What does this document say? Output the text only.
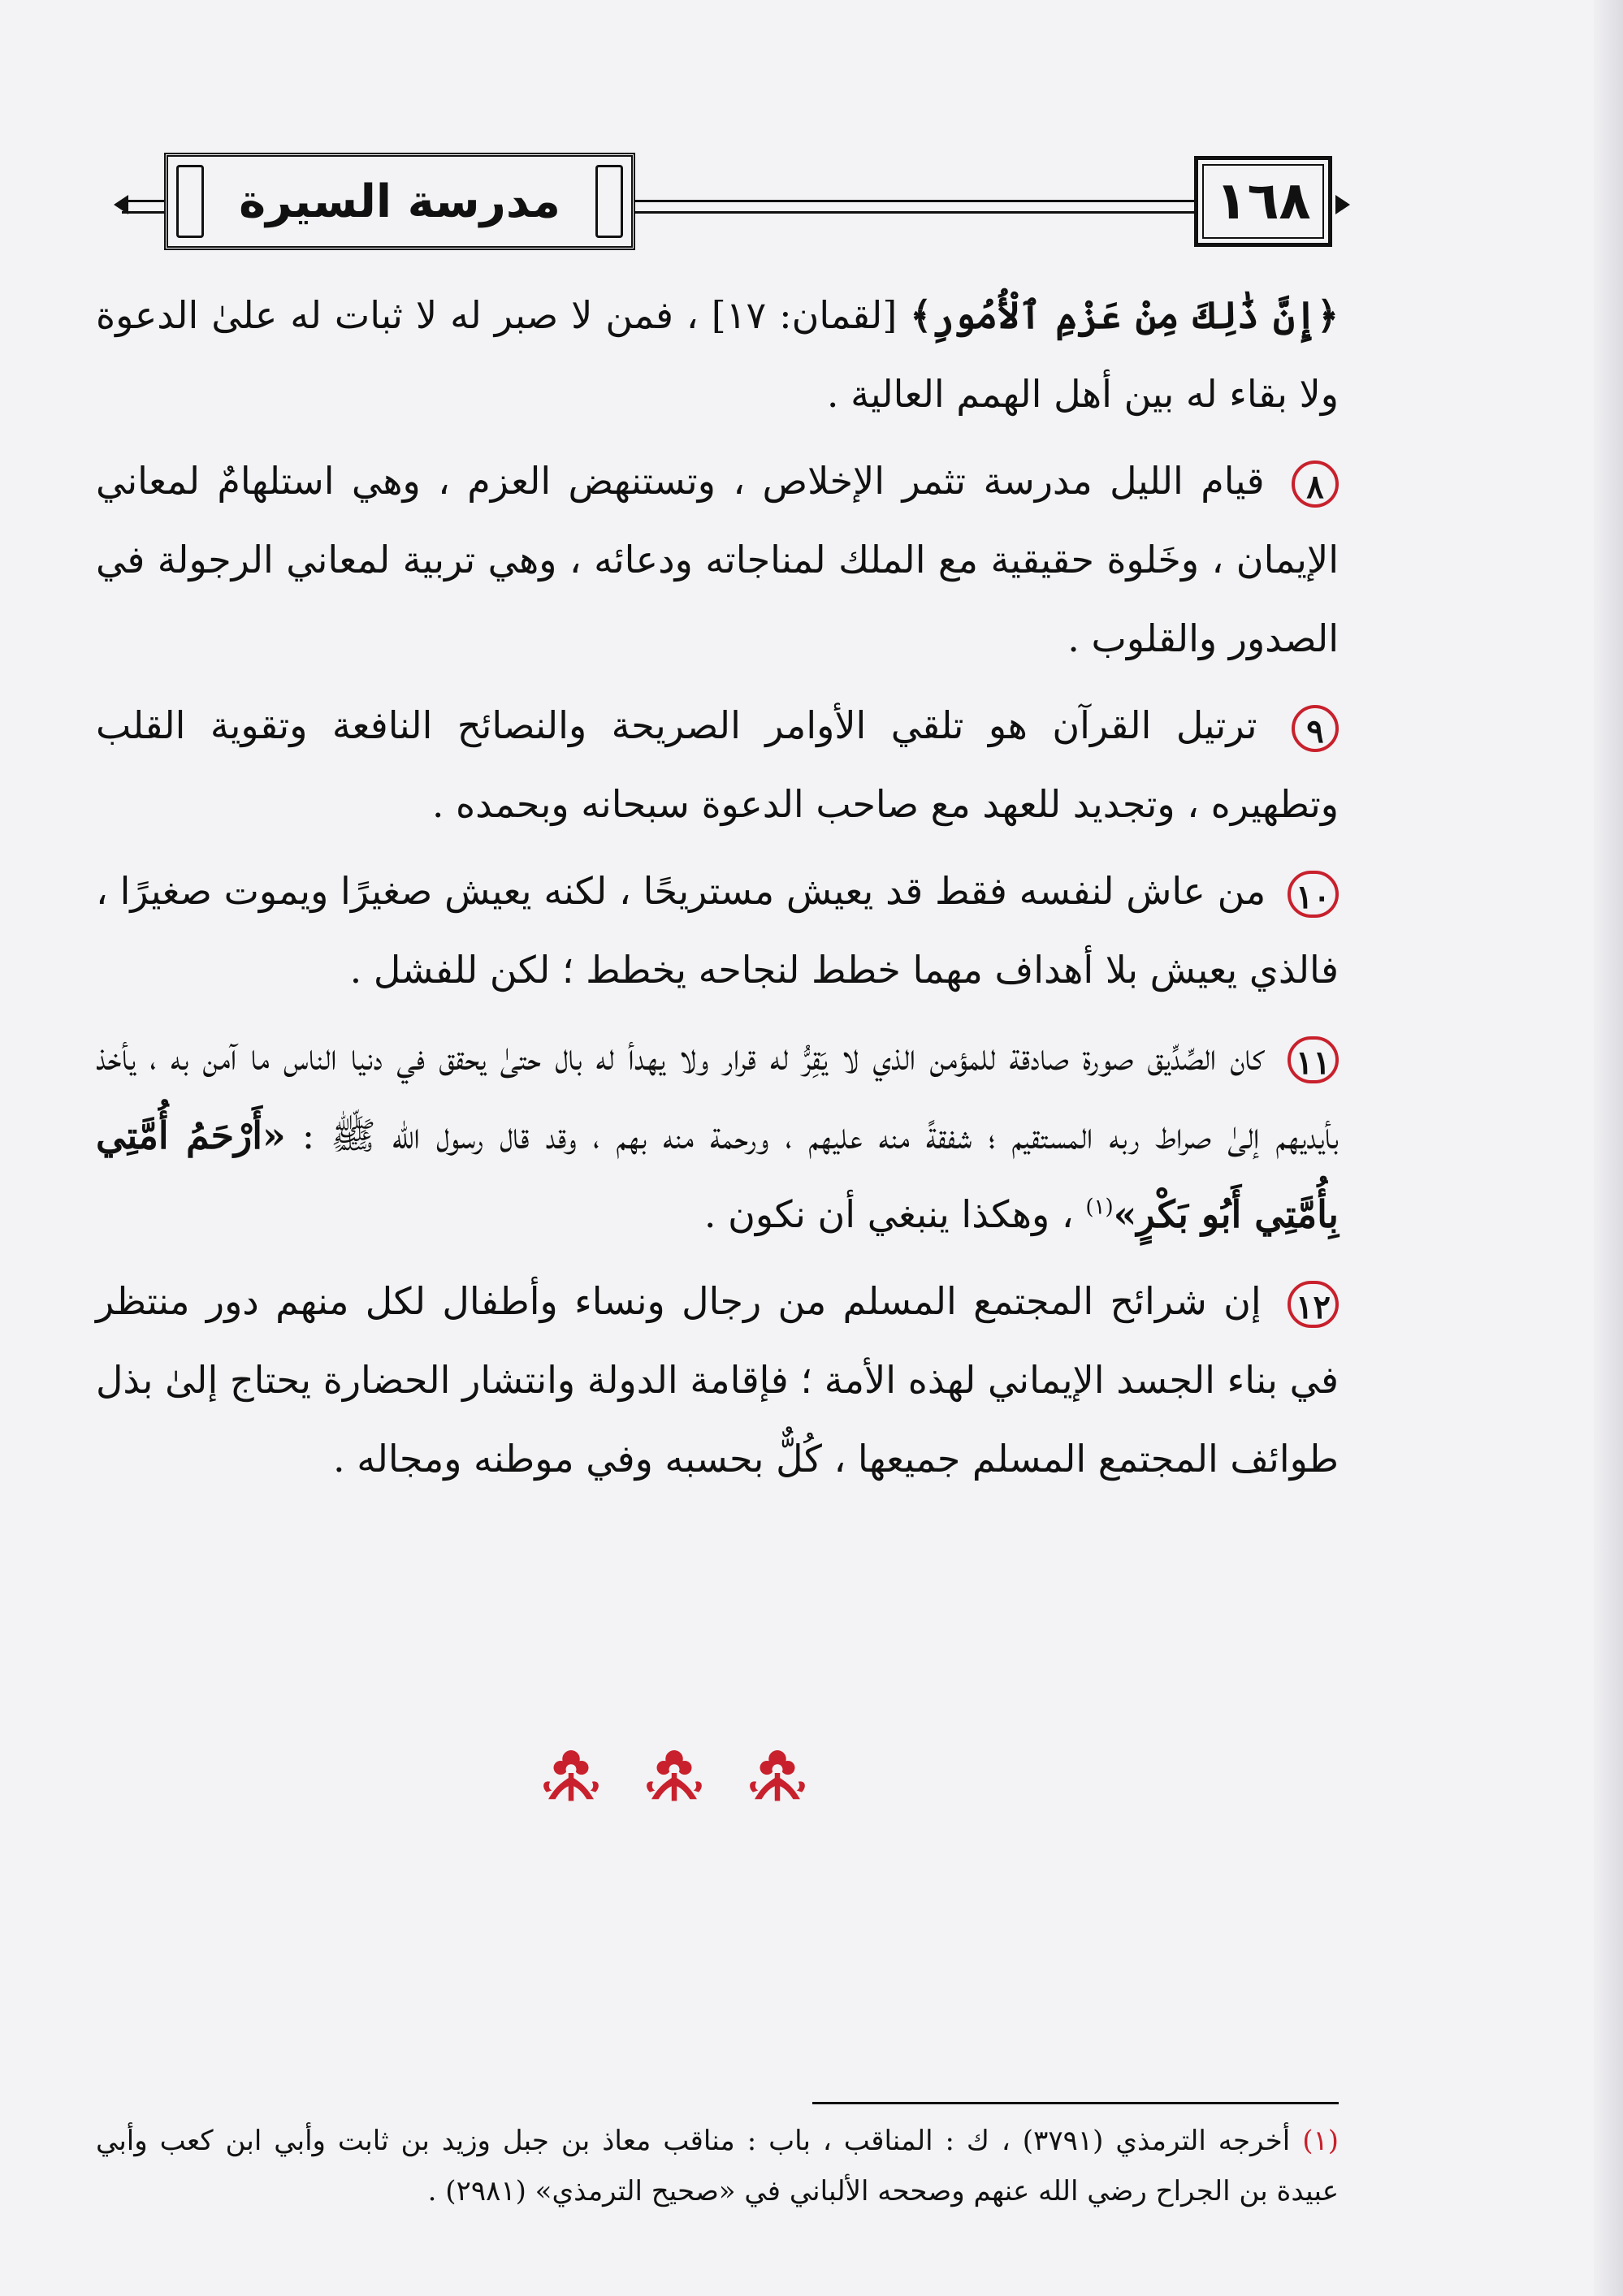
مدرسة السيرة	١٦٨

﴿إِنَّ ذَٰلِكَ مِنْ عَزْمِ ٱلْأُمُورِ﴾ [لقمان: ١٧] ، فمن لا صبر له لا ثبات له علىٰ الدعوة ولا بقاء له بين أهل الهمم العالية .

٨ قيام الليل مدرسة تثمر الإخلاص ، وتستنهض العزم ، وهي استلهامٌ لمعاني الإيمان ، وخَلوة حقيقية مع الملك لمناجاته ودعائه ، وهي تربية لمعاني الرجولة في الصدور والقلوب .

٩ ترتيل القرآن هو تلقي الأوامر الصريحة والنصائح النافعة وتقوية القلب وتطهيره ، وتجديد للعهد مع صاحب الدعوة سبحانه وبحمده .

١٠ من عاش لنفسه فقط قد يعيش مستريحًا ، لكنه يعيش صغيرًا ويموت صغيرًا ، فالذي يعيش بلا أهداف مهما خطط لنجاحه يخطط ؛ لكن للفشل .

١١ كان الصِّدِّيق صورة صادقة للمؤمن الذي لا يَقِرُّ له قرار ولا يهدأ له بال حتىٰ يحقق في دنيا الناس ما آمن به ، يأخذ بأيديهم إلىٰ صراط ربه المستقيم ؛ شفقةً منه عليهم ، ورحمة منه بهم ، وقد قال رسول الله ﷺ : «أَرْحَمُ أُمَّتِي بِأُمَّتِي أَبُو بَكْرٍ»$^{(١)}$ ، وهكذا ينبغي أن نكون .

١٢ إن شرائح المجتمع المسلم من رجال ونساء وأطفال لكل منهم دور منتظر في بناء الجسد الإيماني لهذه الأمة ؛ فإقامة الدولة وانتشار الحضارة يحتاج إلىٰ بذل طوائف المجتمع المسلم جميعها ، كُلٌّ بحسبه وفي موطنه ومجاله .

(١) أخرجه الترمذي (٣٧٩١) ، ك : المناقب ، باب : مناقب معاذ بن جبل وزيد بن ثابت وأبي ابن كعب وأبي عبيدة بن الجراح رضي الله عنهم وصححه الألباني في «صحيح الترمذي» (٢٩٨١) .
